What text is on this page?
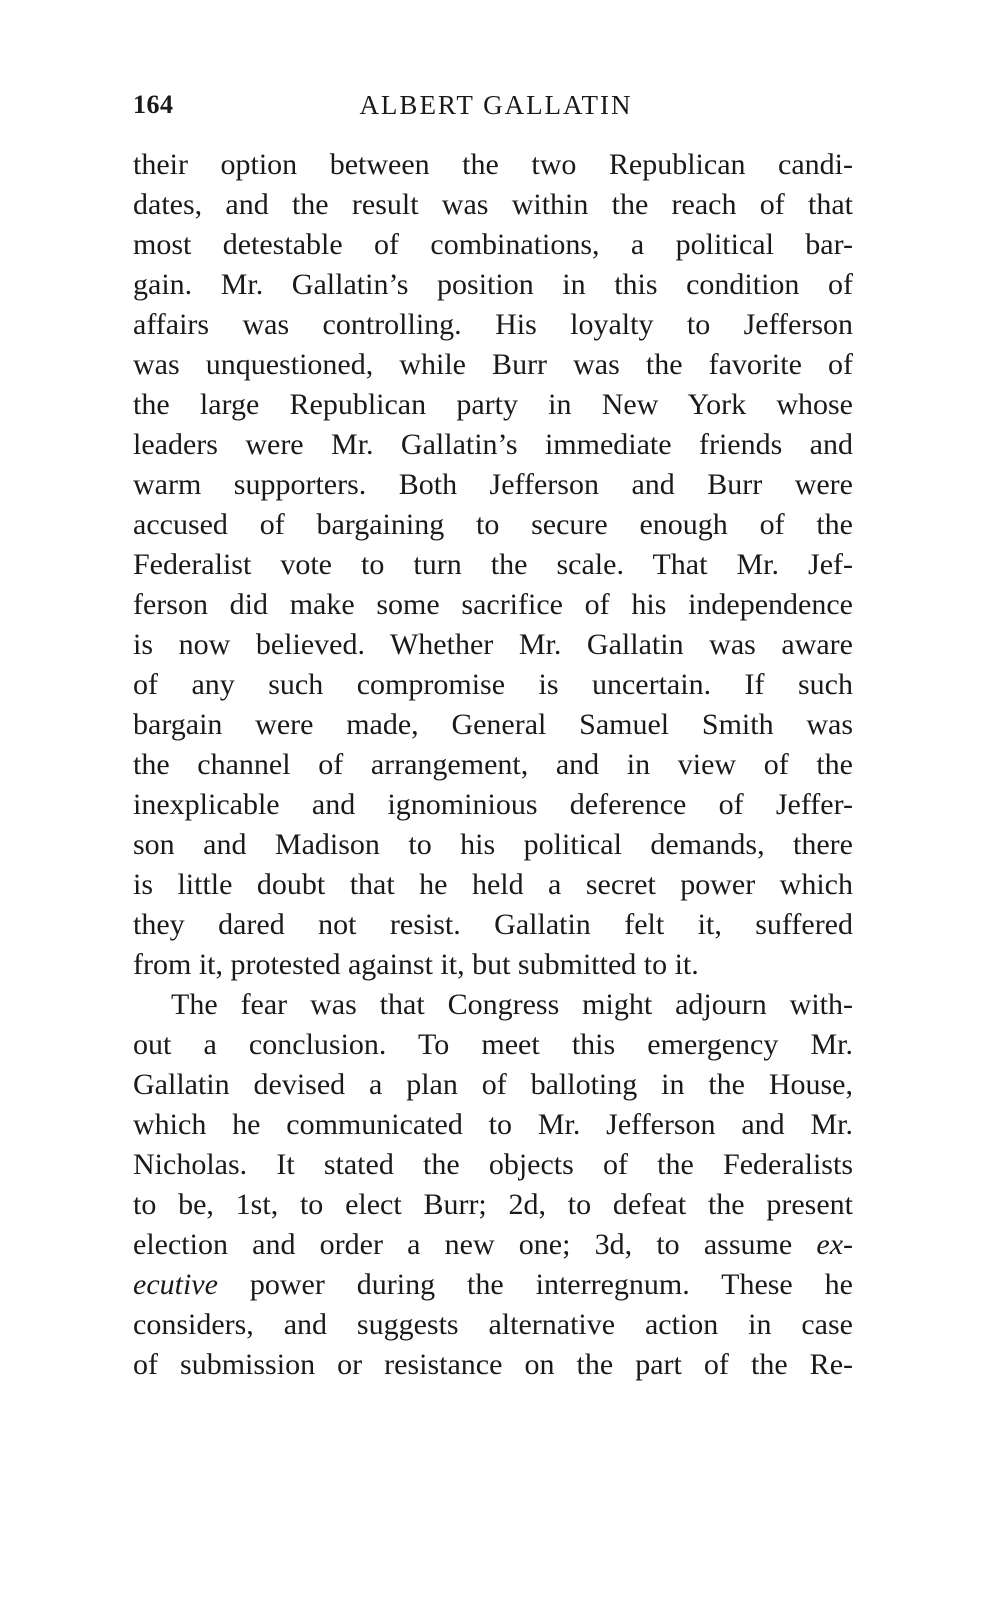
164	ALBERT GALLATIN
their option between the two Republican candi-
dates, and the result was within the reach of that
most detestable of combinations, a political bar-
gain. Mr. Gallatin’s position in this condition of
affairs was controlling. His loyalty to Jefferson
was unquestioned, while Burr was the favorite of
the large Republican party in New York whose
leaders were Mr. Gallatin’s immediate friends and
warm supporters. Both Jefferson and Burr were
accused of bargaining to secure enough of the
Federalist vote to turn the scale. That Mr. Jef-
ferson did make some sacrifice of his independence
is now believed. Whether Mr. Gallatin was aware
of any such compromise is uncertain. If such
bargain were made, General Samuel Smith was
the channel of arrangement, and in view of the
inexplicable and ignominious deference of Jeffer-
son and Madison to his political demands, there
is little doubt that he held a secret power which
they dared not resist. Gallatin felt it, suffered
from it, protested against it, but submitted to it.
The fear was that Congress might adjourn with-
out a conclusion. To meet this emergency Mr.
Gallatin devised a plan of balloting in the House,
which he communicated to Mr. Jefferson and Mr.
Nicholas. It stated the objects of the Federalists
to be, 1st, to elect Burr; 2d, to defeat the present
election and order a new one; 3d, to assume ex-
ecutive power during the interregnum. These he
considers, and suggests alternative action in case
of submission or resistance on the part of the Re-
